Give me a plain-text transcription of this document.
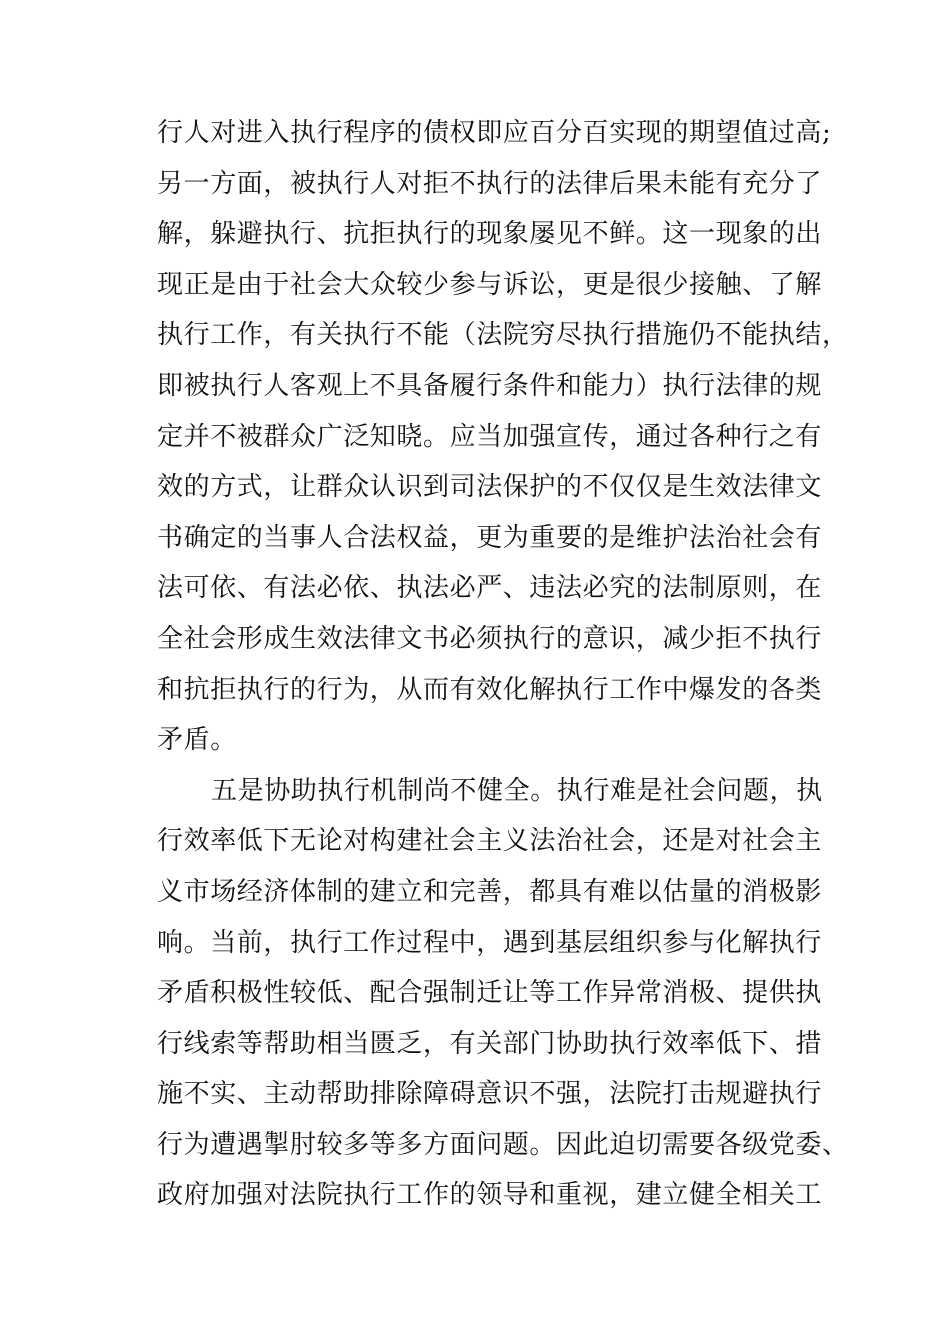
行人对进入执行程序的债权即应百分百实现的期望值过高;
另一方面，被执行人对拒不执行的法律后果未能有充分了
解，躲避执行、抗拒执行的现象屡见不鲜。这一现象的出
现正是由于社会大众较少参与诉讼，更是很少接触、了解
执行工作，有关执行不能（法院穷尽执行措施仍不能执结，
即被执行人客观上不具备履行条件和能力）执行法律的规
定并不被群众广泛知晓。应当加强宣传，通过各种行之有
效的方式，让群众认识到司法保护的不仅仅是生效法律文
书确定的当事人合法权益，更为重要的是维护法治社会有
法可依、有法必依、执法必严、违法必究的法制原则，在
全社会形成生效法律文书必须执行的意识，减少拒不执行
和抗拒执行的行为，从而有效化解执行工作中爆发的各类
矛盾。
五是协助执行机制尚不健全。执行难是社会问题，执
行效率低下无论对构建社会主义法治社会，还是对社会主
义市场经济体制的建立和完善，都具有难以估量的消极影
响。当前，执行工作过程中，遇到基层组织参与化解执行
矛盾积极性较低、配合强制迁让等工作异常消极、提供执
行线索等帮助相当匮乏，有关部门协助执行效率低下、措
施不实、主动帮助排除障碍意识不强，法院打击规避执行
行为遭遇掣肘较多等多方面问题。因此迫切需要各级党委、
政府加强对法院执行工作的领导和重视，建立健全相关工
